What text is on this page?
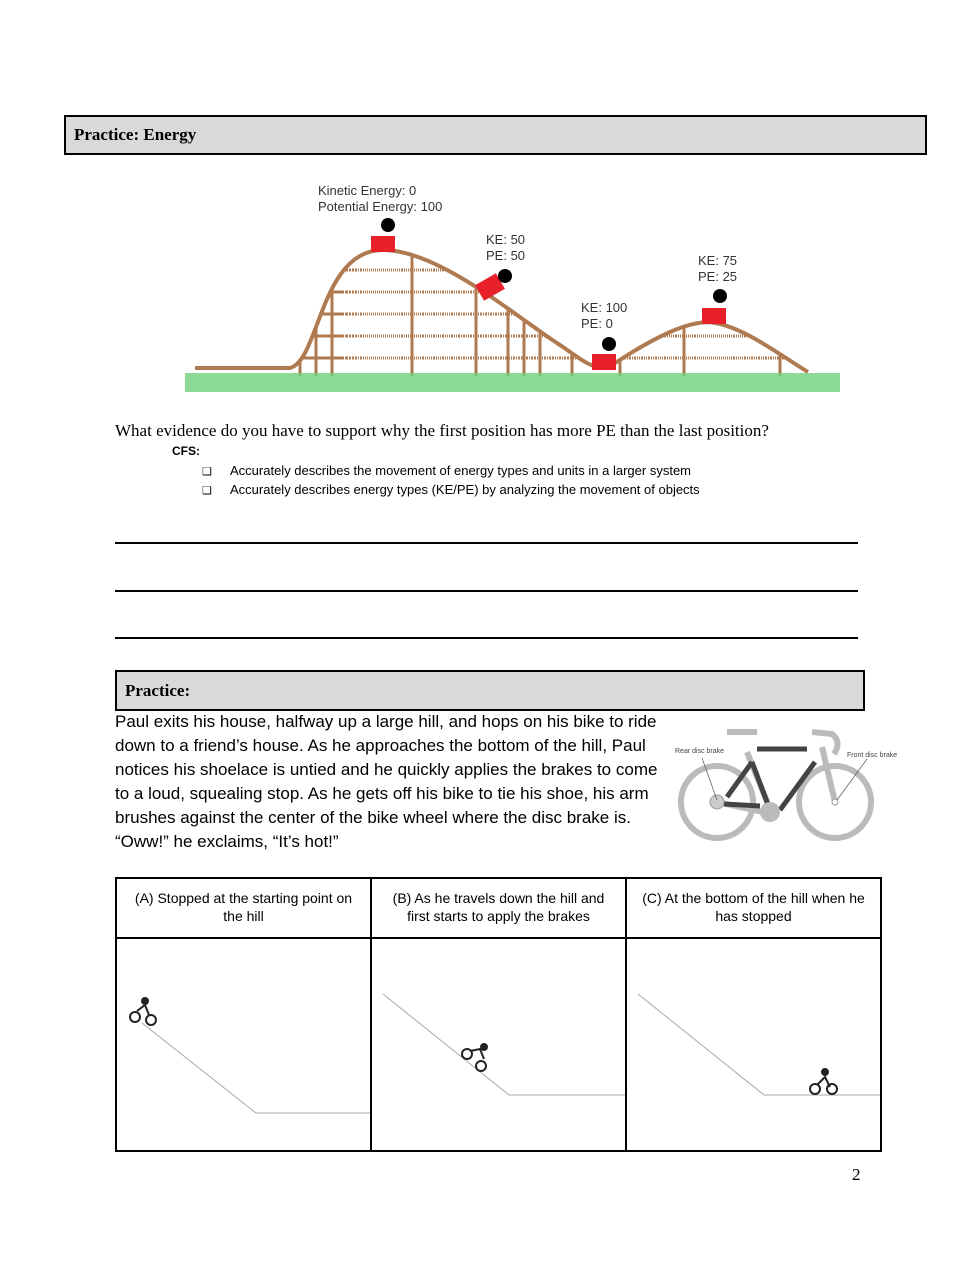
Practice: Energy
Kinetic Energy: 0
Potential Energy: 100
KE: 50
PE: 50
KE: 100
PE: 0
KE: 75
PE: 25
What evidence do you have to support why the first position has more PE than the last position?
CFS:
❏ Accurately describes the movement of energy types and units in a larger system
❏ Accurately describes energy types (KE/PE) by analyzing the movement of objects
Practice:
Paul exits his house, halfway up a large hill, and hops on his bike to ride down to a friend’s house. As he approaches the bottom of the hill, Paul notices his shoelace is untied and he quickly applies the brakes to come to a loud, squealing stop. As he gets off his bike to tie his shoe, his arm brushes against the center of the bike wheel where the disc brake is. “Oww!” he exclaims, “It’s hot!”
Rear disc brake
Front disc brake
(A) Stopped at the starting point on the hill	(B) As he travels down the hill and first starts to apply the brakes	(C) At the bottom of the hill when he has stopped

2
